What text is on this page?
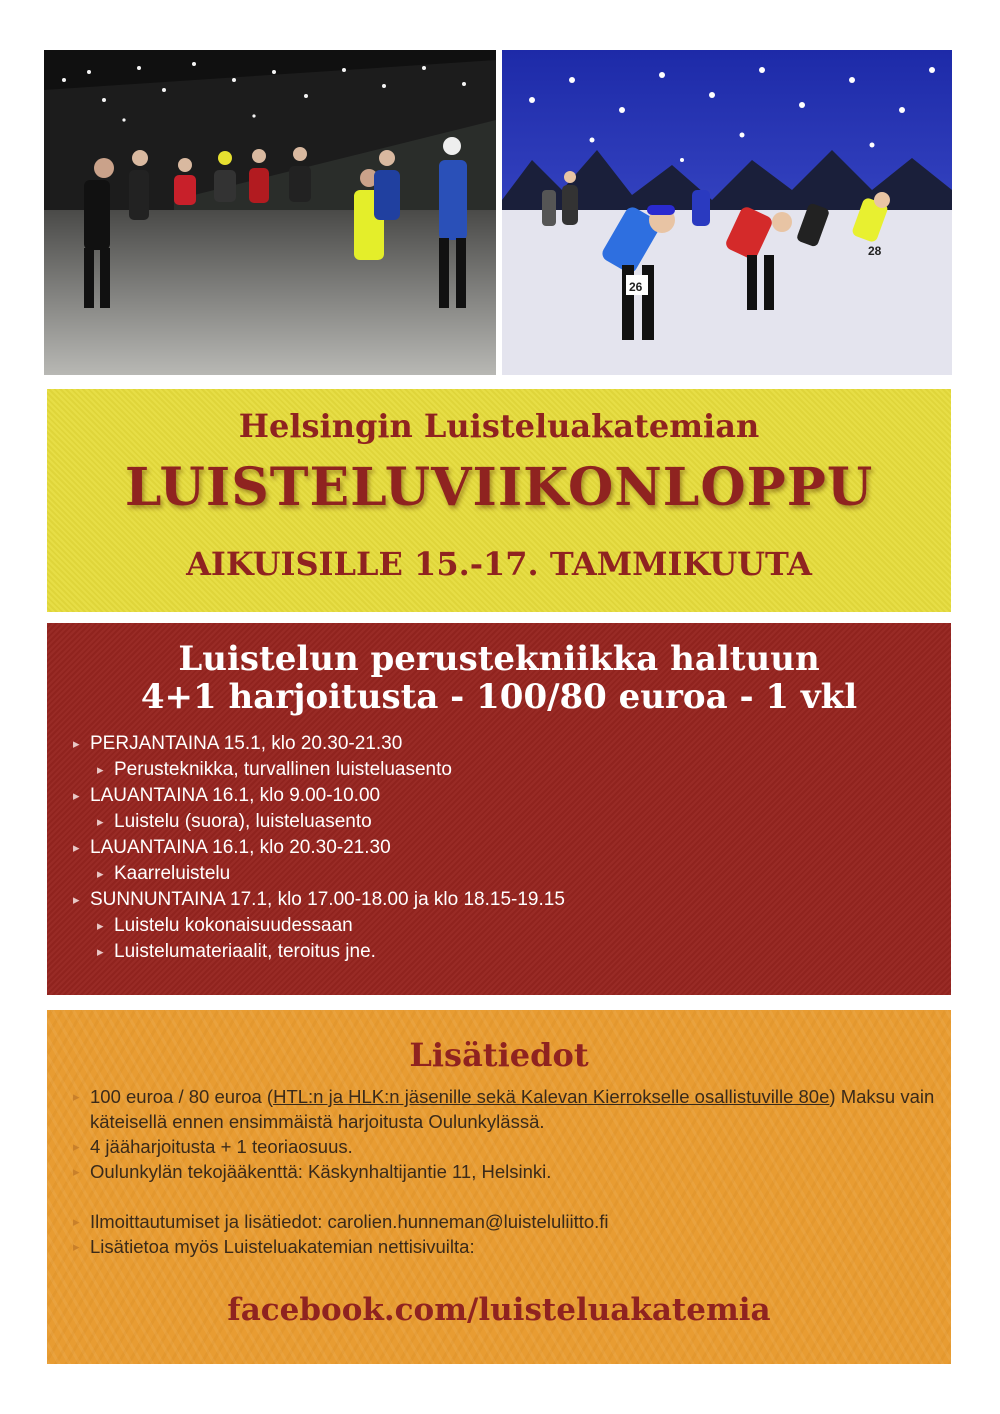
26
28
Helsingin Luisteluakatemian
LUISTELUVIIKONLOPPU
AIKUISILLE 15.-17. TAMMIKUUTA
Luistelun perustekniikka haltuun
4+1 harjoitusta - 100/80 euroa - 1 vkl
▸ PERJANTAINA 15.1, klo 20.30-21.30
▸ Perusteknikka, turvallinen luisteluasento
▸ LAUANTAINA 16.1, klo 9.00-10.00
▸ Luistelu (suora), luisteluasento
▸ LAUANTAINA 16.1, klo 20.30-21.30
▸ Kaarreluistelu
▸ SUNNUNTAINA 17.1, klo 17.00-18.00 ja klo 18.15-19.15
▸ Luistelu kokonaisuudessaan
▸ Luistelumateriaalit, teroitus jne.
Lisätiedot
▸ 100 euroa / 80 euroa (HTL:n ja HLK:n jäsenille sekä Kalevan Kierrokselle osallistuville 80e) Maksu vain käteisellä ennen ensimmäistä harjoitusta Oulunkylässä.
▸ 4 jääharjoitusta + 1 teoriaosuus.
▸ Oulunkylän tekojääkenttä: Käskynhaltijantie 11, Helsinki.
▸ Ilmoittautumiset ja lisätiedot: carolien.hunneman@luisteluliitto.fi
▸ Lisätietoa myös Luisteluakatemian nettisivuilta:
facebook.com/luisteluakatemia
